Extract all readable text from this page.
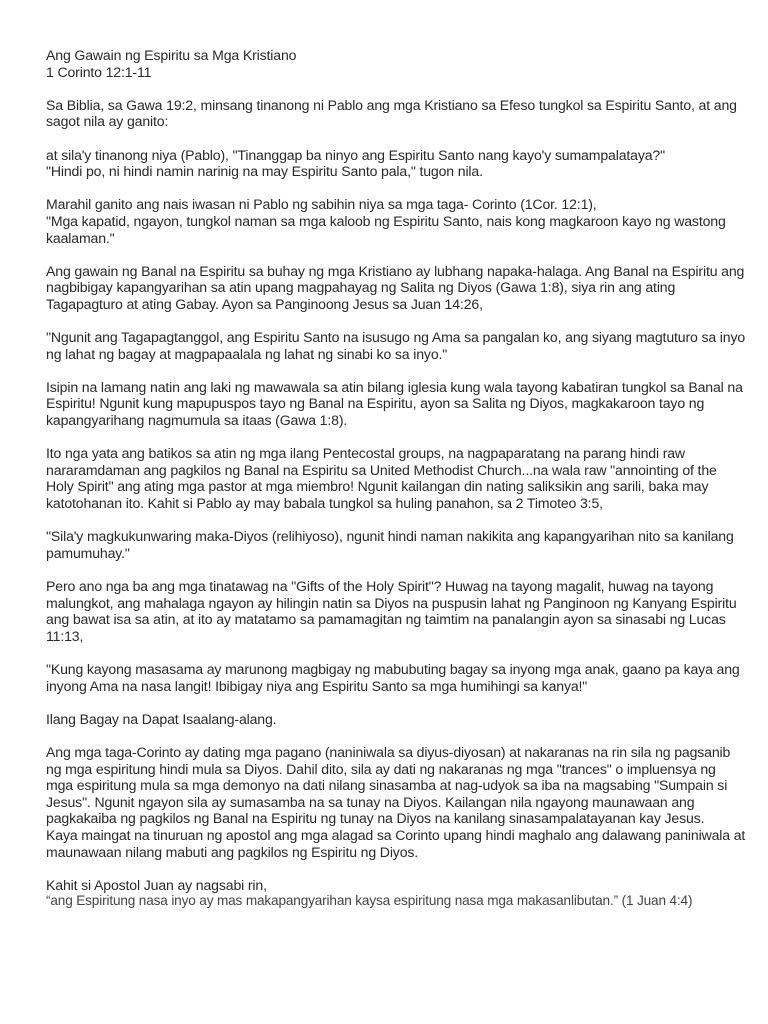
Ang Gawain ng Espiritu sa Mga Kristiano
1 Corinto 12:1-11

Sa Biblia, sa Gawa 19:2, minsang tinanong ni Pablo ang mga Kristiano sa Efeso tungkol sa Espiritu Santo, at ang sagot nila ay ganito:

at sila'y tinanong niya (Pablo), "Tinanggap ba ninyo ang Espiritu Santo nang kayo'y sumampalataya?"
"Hindi po, ni hindi namin narinig na may Espiritu Santo pala," tugon nila.

Marahil ganito ang nais iwasan ni Pablo ng sabihin niya sa mga taga- Corinto (1Cor. 12:1),
"Mga kapatid, ngayon, tungkol naman sa mga kaloob ng Espiritu Santo, nais kong magkaroon kayo ng wastong kaalaman."

Ang gawain ng Banal na Espiritu sa buhay ng mga Kristiano ay lubhang napaka-halaga. Ang Banal na Espiritu ang nagbibigay kapangyarihan sa atin upang magpahayag ng Salita ng Diyos (Gawa 1:8), siya rin ang ating Tagapagturo at ating Gabay. Ayon sa Panginoong Jesus sa Juan 14:26,

"Ngunit ang Tagapagtanggol, ang Espiritu Santo na isusugo ng Ama sa pangalan ko, ang siyang magtuturo sa inyo ng lahat ng bagay at magpapaalala ng lahat ng sinabi ko sa inyo."

Isipin na lamang natin ang laki ng mawawala sa atin bilang iglesia kung wala tayong kabatiran tungkol sa Banal na Espiritu! Ngunit kung mapupuspos tayo ng Banal na Espiritu, ayon sa Salita ng Diyos, magkakaroon tayo ng kapangyarihang nagmumula sa itaas (Gawa 1:8).

Ito nga yata ang batikos sa atin ng mga ilang Pentecostal groups, na nagpaparatang na parang hindi raw nararamdaman ang pagkilos ng Banal na Espiritu sa United Methodist Church...na wala raw "annointing of the Holy Spirit" ang ating mga pastor at mga miembro! Ngunit kailangan din nating saliksikin ang sarili, baka may katotohanan ito. Kahit si Pablo ay may babala tungkol sa huling panahon, sa 2 Timoteo 3:5,

"Sila'y magkukunwaring maka-Diyos (relihiyoso), ngunit hindi naman nakikita ang kapangyarihan nito sa kanilang pamumuhay."

Pero ano nga ba ang mga tinatawag na "Gifts of the Holy Spirit"? Huwag na tayong magalit, huwag na tayong malungkot, ang mahalaga ngayon ay hilingin natin sa Diyos na puspusin lahat ng Panginoon ng Kanyang Espiritu ang bawat isa sa atin, at ito ay matatamo sa pamamagitan ng taimtim na panalangin ayon sa sinasabi ng Lucas 11:13,

"Kung kayong masasama ay marunong magbigay ng mabubuting bagay sa inyong mga anak, gaano pa kaya ang inyong Ama na nasa langit! Ibibigay niya ang Espiritu Santo sa mga humihingi sa kanya!"

Ilang Bagay na Dapat Isaalang-alang.

Ang mga taga-Corinto ay dating mga pagano (naniniwala sa diyus-diyosan) at nakaranas na rin sila ng pagsanib ng mga espiritung hindi mula sa Diyos. Dahil dito, sila ay dati ng nakaranas ng mga "trances" o impluensya ng mga espiritung mula sa mga demonyo na dati nilang sinasamba at nag-udyok sa iba na magsabing "Sumpain si Jesus". Ngunit ngayon sila ay sumasamba na sa tunay na Diyos. Kailangan nila ngayong maunawaan ang pagkakaiba ng pagkilos ng Banal na Espiritu ng tunay na Diyos na kanilang sinasampalatayanan kay Jesus.
Kaya maingat na tinuruan ng apostol ang mga alagad sa Corinto upang hindi maghalo ang dalawang paniniwala at maunawaan nilang mabuti ang pagkilos ng Espiritu ng Diyos.

Kahit si Apostol Juan ay nagsabi rin,
“ang Espiritung nasa inyo ay mas makapangyarihan kaysa espiritung nasa mga makasanlibutan.” (1 Juan 4:4)
